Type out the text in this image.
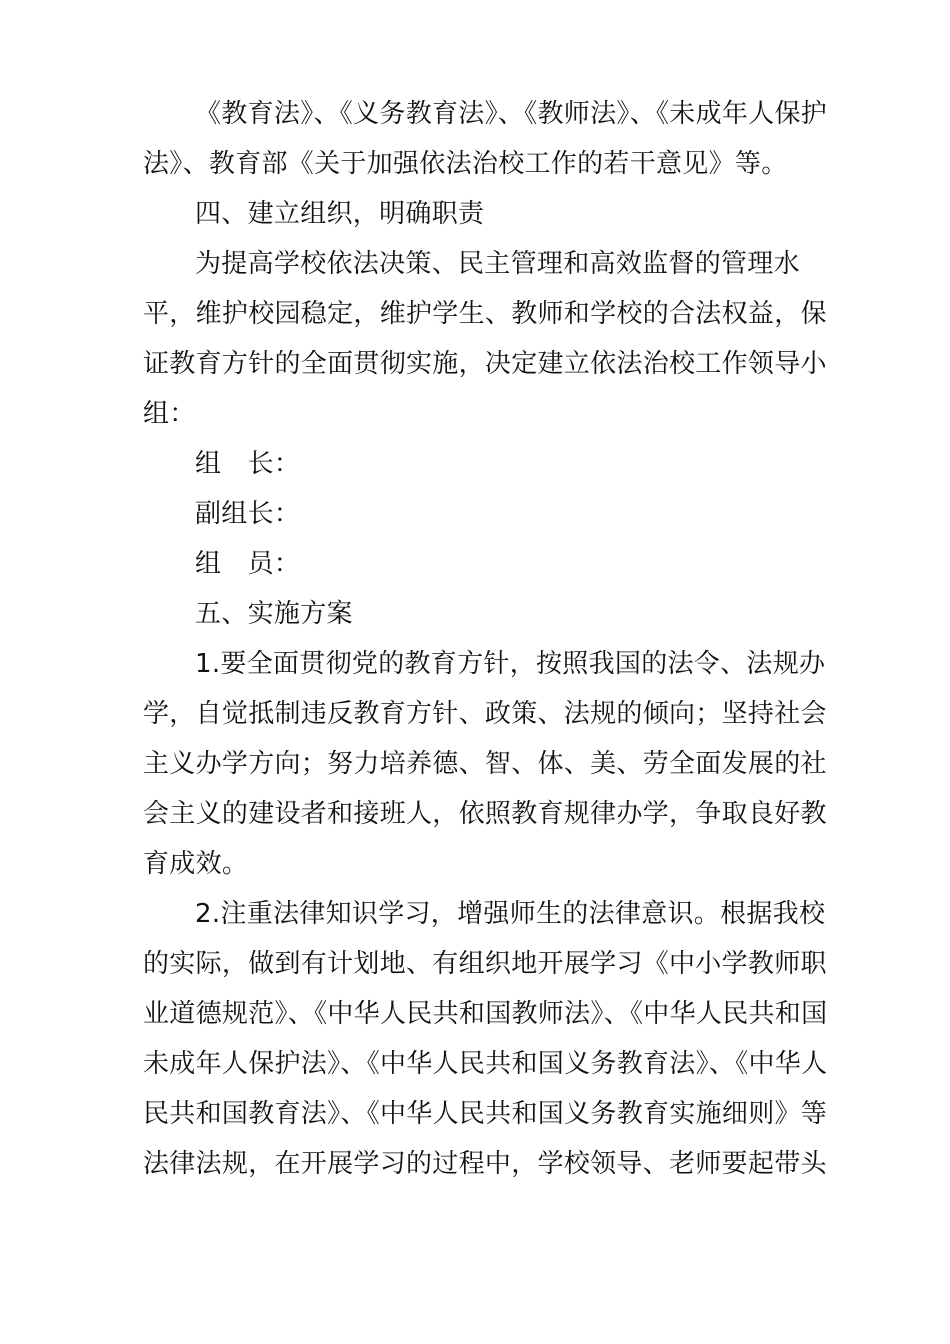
《教育法》、《义务教育法》、《教师法》、《未成年人保护
法》、教育部《关于加强依法治校工作的若干意见》等。
四、建立组织，明确职责
为提高学校依法决策、民主管理和高效监督的管理水
平，维护校园稳定，维护学生、教师和学校的合法权益，保
证教育方针的全面贯彻实施，决定建立依法治校工作领导小
组：
组　长：
副组长：
组　员：
五、实施方案
1.要全面贯彻党的教育方针，按照我国的法令、法规办
学，自觉抵制违反教育方针、政策、法规的倾向；坚持社会
主义办学方向；努力培养德、智、体、美、劳全面发展的社
会主义的建设者和接班人，依照教育规律办学，争取良好教
育成效。
2.注重法律知识学习，增强师生的法律意识。根据我校
的实际，做到有计划地、有组织地开展学习《中小学教师职
业道德规范》、《中华人民共和国教师法》、《中华人民共和国
未成年人保护法》、《中华人民共和国义务教育法》、《中华人
民共和国教育法》、《中华人民共和国义务教育实施细则》等
法律法规，在开展学习的过程中，学校领导、老师要起带头
